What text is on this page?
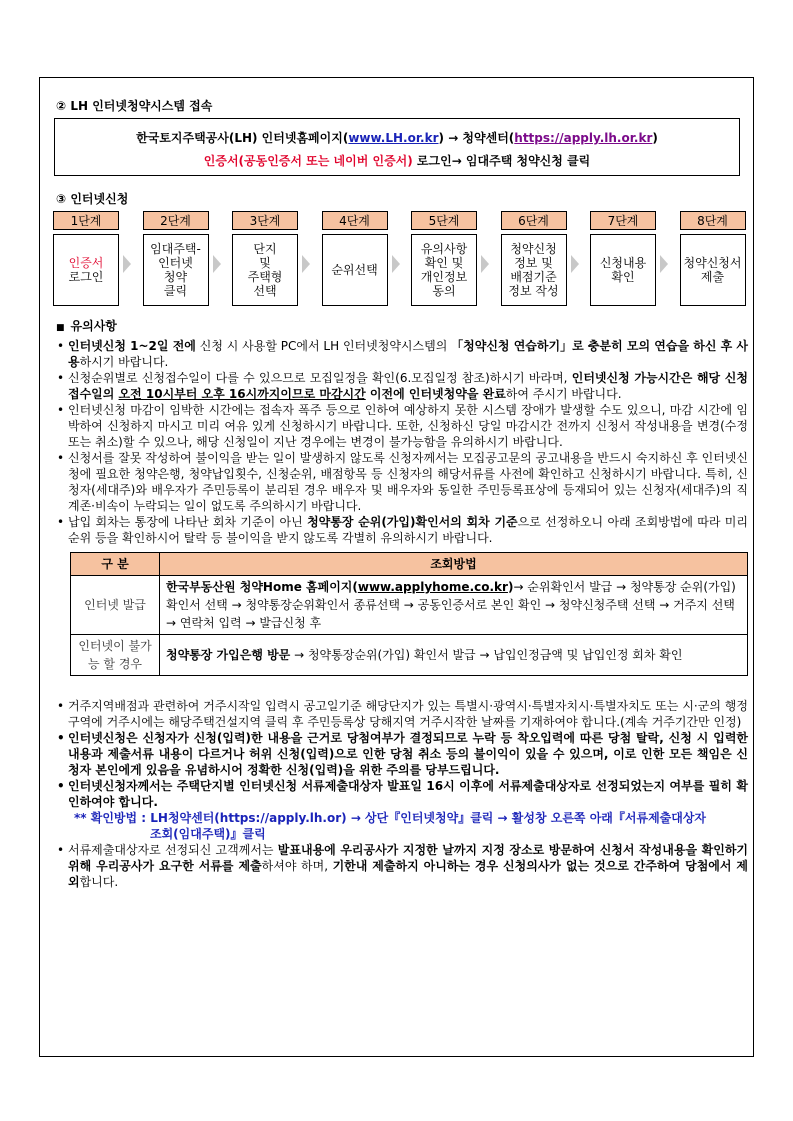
② LH 인터넷청약시스템 접속
한국토지주택공사(LH) 인터넷홈페이지(www.LH.or.kr) → 청약센터(https://apply.lh.or.kr)
인증서(공동인증서 또는 네이버 인증서) 로그인→ 임대주택 청약신청 클릭
③ 인터넷신청
1단계
인증서
로그인
2단계
임대주택-
인터넷
청약
클릭
3단계
단지
및
주택형
선택
4단계
순위선택
5단계
유의사항
확인 및
개인정보
동의
6단계
청약신청
정보 및
배점기준
정보 작성
7단계
신청내용
확인
8단계
청약신청서
제출
■ 유의사항
• 인터넷신청 1~2일 전에 신청 시 사용할 PC에서 LH 인터넷청약시스템의 「청약신청 연습하기」로 충분히 모의 연습을 하신 후 사용하시기 바랍니다.
• 신청순위별로 신청접수일이 다를 수 있으므로 모집일정을 확인(6.모집일정 참조)하시기 바라며, 인터넷신청 가능시간은 해당 신청접수일의 오전 10시부터 오후 16시까지이므로 마감시간 이전에 인터넷청약을 완료하여 주시기 바랍니다.
• 인터넷신청 마감이 임박한 시간에는 접속자 폭주 등으로 인하여 예상하지 못한 시스템 장애가 발생할 수도 있으니, 마감 시간에 임박하여 신청하지 마시고 미리 여유 있게 신청하시기 바랍니다. 또한, 신청하신 당일 마감시간 전까지 신청서 작성내용을 변경(수정 또는 취소)할 수 있으나, 해당 신청일이 지난 경우에는 변경이 불가능함을 유의하시기 바랍니다.
• 신청서를 잘못 작성하여 불이익을 받는 일이 발생하지 않도록 신청자께서는 모집공고문의 공고내용을 반드시 숙지하신 후 인터넷신청에 필요한 청약은행, 청약납입횟수, 신청순위, 배점항목 등 신청자의 해당서류를 사전에 확인하고 신청하시기 바랍니다. 특히, 신청자(세대주)와 배우자가 주민등록이 분리된 경우 배우자 및 배우자와 동일한 주민등록표상에 등재되어 있는 신청자(세대주)의 직계존·비속이 누락되는 일이 없도록 주의하시기 바랍니다.
• 납입 회차는 통장에 나타난 회차 기준이 아닌 청약통장 순위(가입)확인서의 회차 기준으로 선정하오니 아래 조회방법에 따라 미리 순위 등을 확인하시어 탈락 등 불이익을 받지 않도록 각별히 유의하시기 바랍니다.
구 분	조회방법
인터넷 발급	한국부동산원 청약Home 홈페이지(www.applyhome.co.kr)→ 순위확인서 발급 → 청약통장 순위(가입) 확인서 선택 → 청약통장순위확인서 종류선택 → 공동인증서로 본인 확인 → 청약신청주택 선택 → 거주지 선택 → 연락처 입력 → 발급신청 후
인터넷이 불가능 할 경우	청약통장 가입은행 방문 → 청약통장순위(가입) 확인서 발급 → 납입인정금액 및 납입인정 회차 확인
• 거주지역배점과 관련하여 거주시작일 입력시 공고일기준 해당단지가 있는 특별시·광역시·특별자치시·특별자치도 또는 시·군의 행정구역에 거주시에는 해당주택건설지역 클릭 후 주민등록상 당해지역 거주시작한 날짜를 기재하여야 합니다.(계속 거주기간만 인정)
• 인터넷신청은 신청자가 신청(입력)한 내용을 근거로 당첨여부가 결정되므로 누락 등 착오입력에 따른 당첨 탈락, 신청 시 입력한 내용과 제출서류 내용이 다르거나 허위 신청(입력)으로 인한 당첨 취소 등의 불이익이 있을 수 있으며, 이로 인한 모든 책임은 신청자 본인에게 있음을 유념하시어 정확한 신청(입력)을 위한 주의를 당부드립니다.
• 인터넷신청자께서는 주택단지별 인터넷신청 서류제출대상자 발표일 16시 이후에 서류제출대상자로 선정되었는지 여부를 필히 확인하여야 합니다.
** 확인방법 : LH청약센터(https://apply.lh.or) → 상단『인터넷청약』클릭 → 활성창 오른쪽 아래『서류제출대상자
조회(임대주택)』클릭
• 서류제출대상자로 선정되신 고객께서는 발표내용에 우리공사가 지정한 날까지 지정 장소로 방문하여 신청서 작성내용을 확인하기 위해 우리공사가 요구한 서류를 제출하셔야 하며, 기한내 제출하지 아니하는 경우 신청의사가 없는 것으로 간주하여 당첨에서 제외합니다.
